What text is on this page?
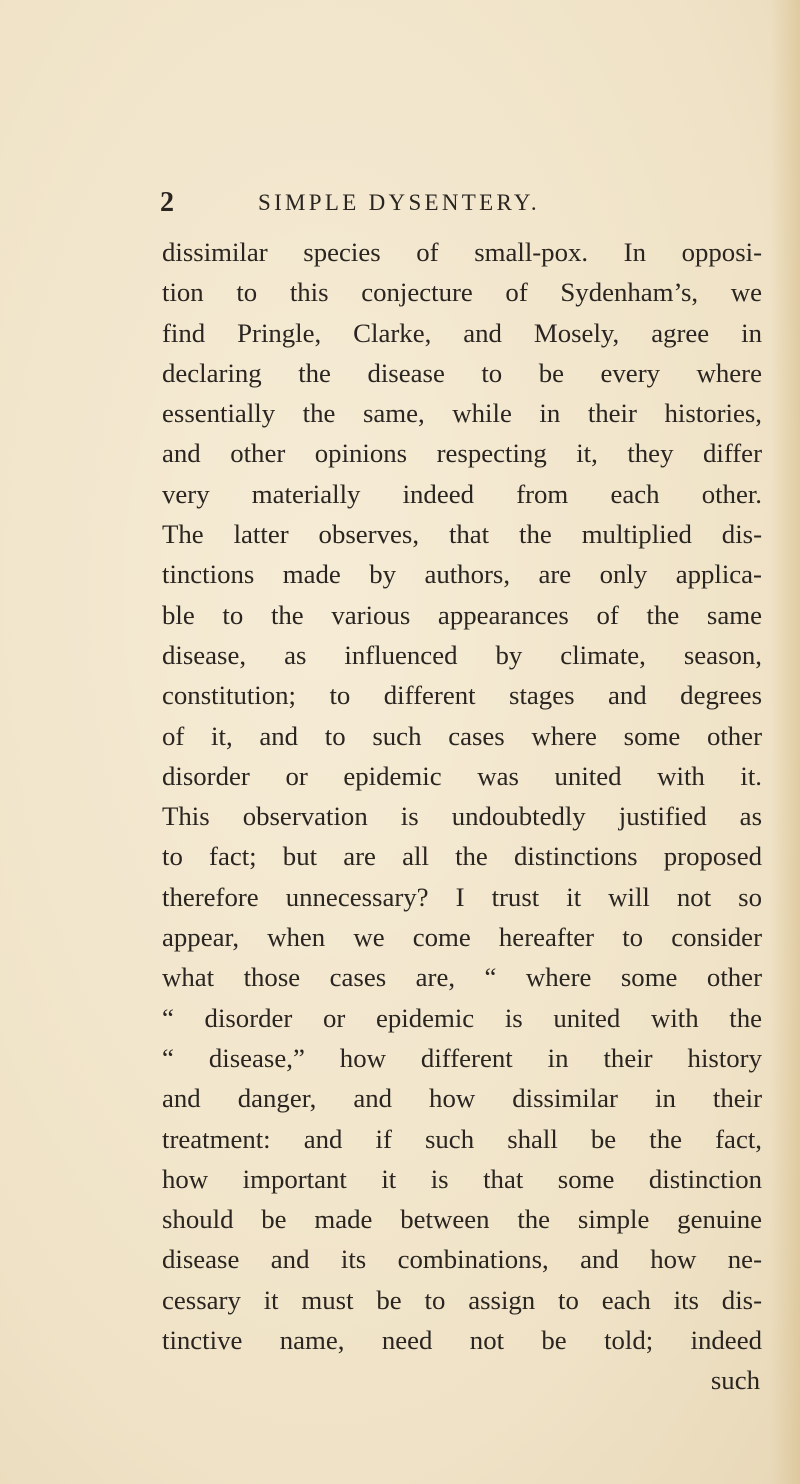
2	SIMPLE DYSENTERY.
dissimilar species of small-pox. In opposi-
tion to this conjecture of Sydenham’s, we
find Pringle, Clarke, and Mosely, agree in
declaring the disease to be every where
essentially the same, while in their histories,
and other opinions respecting it, they differ
very materially indeed from each other.
The latter observes, that the multiplied dis-
tinctions made by authors, are only applica-
ble to the various appearances of the same
disease, as influenced by climate, season,
constitution; to different stages and degrees
of it, and to such cases where some other
disorder or epidemic was united with it.
This observation is undoubtedly justified as
to fact; but are all the distinctions proposed
therefore unnecessary? I trust it will not so
appear, when we come hereafter to consider
what those cases are, “ where some other
“ disorder or epidemic is united with the
“ disease,” how different in their history
and danger, and how dissimilar in their
treatment: and if such shall be the fact,
how important it is that some distinction
should be made between the simple genuine
disease and its combinations, and how ne-
cessary it must be to assign to each its dis-
tinctive name, need not be told; indeed
such
